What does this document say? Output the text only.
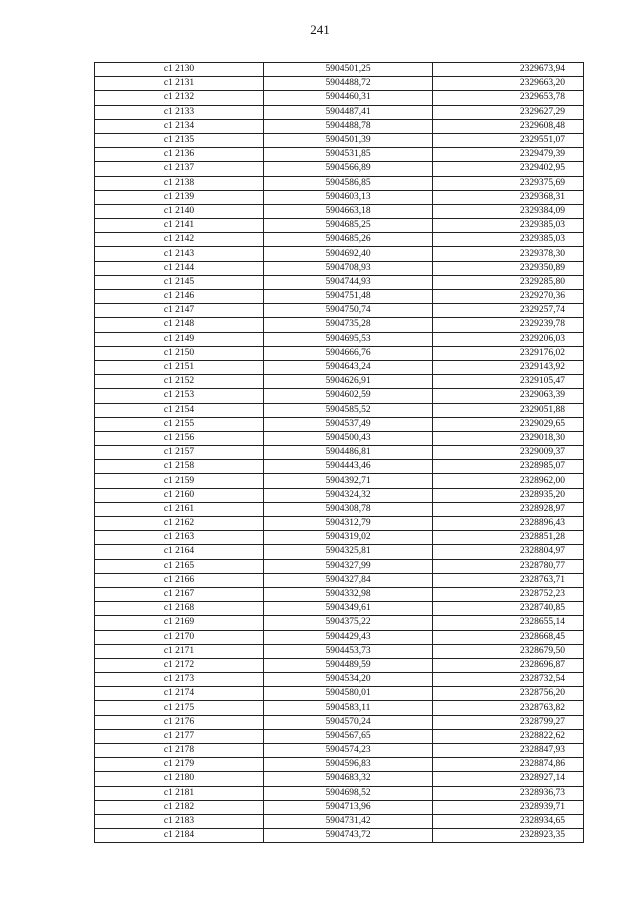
241
c1 2130	5904501,25	2329673,94
c1 2131	5904488,72	2329663,20
c1 2132	5904460,31	2329653,78
c1 2133	5904487,41	2329627,29
c1 2134	5904488,78	2329608,48
c1 2135	5904501,39	2329551,07
c1 2136	5904531,85	2329479,39
c1 2137	5904566,89	2329402,95
c1 2138	5904586,85	2329375,69
c1 2139	5904603,13	2329368,31
c1 2140	5904663,18	2329384,09
c1 2141	5904685,25	2329385,03
c1 2142	5904685,26	2329385,03
c1 2143	5904692,40	2329378,30
c1 2144	5904708,93	2329350,89
c1 2145	5904744,93	2329285,80
c1 2146	5904751,48	2329270,36
c1 2147	5904750,74	2329257,74
c1 2148	5904735,28	2329239,78
c1 2149	5904695,53	2329206,03
c1 2150	5904666,76	2329176,02
c1 2151	5904643,24	2329143,92
c1 2152	5904626,91	2329105,47
c1 2153	5904602,59	2329063,39
c1 2154	5904585,52	2329051,88
c1 2155	5904537,49	2329029,65
c1 2156	5904500,43	2329018,30
c1 2157	5904486,81	2329009,37
c1 2158	5904443,46	2328985,07
c1 2159	5904392,71	2328962,00
c1 2160	5904324,32	2328935,20
c1 2161	5904308,78	2328928,97
c1 2162	5904312,79	2328896,43
c1 2163	5904319,02	2328851,28
c1 2164	5904325,81	2328804,97
c1 2165	5904327,99	2328780,77
c1 2166	5904327,84	2328763,71
c1 2167	5904332,98	2328752,23
c1 2168	5904349,61	2328740,85
c1 2169	5904375,22	2328655,14
c1 2170	5904429,43	2328668,45
c1 2171	5904453,73	2328679,50
c1 2172	5904489,59	2328696,87
c1 2173	5904534,20	2328732,54
c1 2174	5904580,01	2328756,20
c1 2175	5904583,11	2328763,82
c1 2176	5904570,24	2328799,27
c1 2177	5904567,65	2328822,62
c1 2178	5904574,23	2328847,93
c1 2179	5904596,83	2328874,86
c1 2180	5904683,32	2328927,14
c1 2181	5904698,52	2328936,73
c1 2182	5904713,96	2328939,71
c1 2183	5904731,42	2328934,65
c1 2184	5904743,72	2328923,35
